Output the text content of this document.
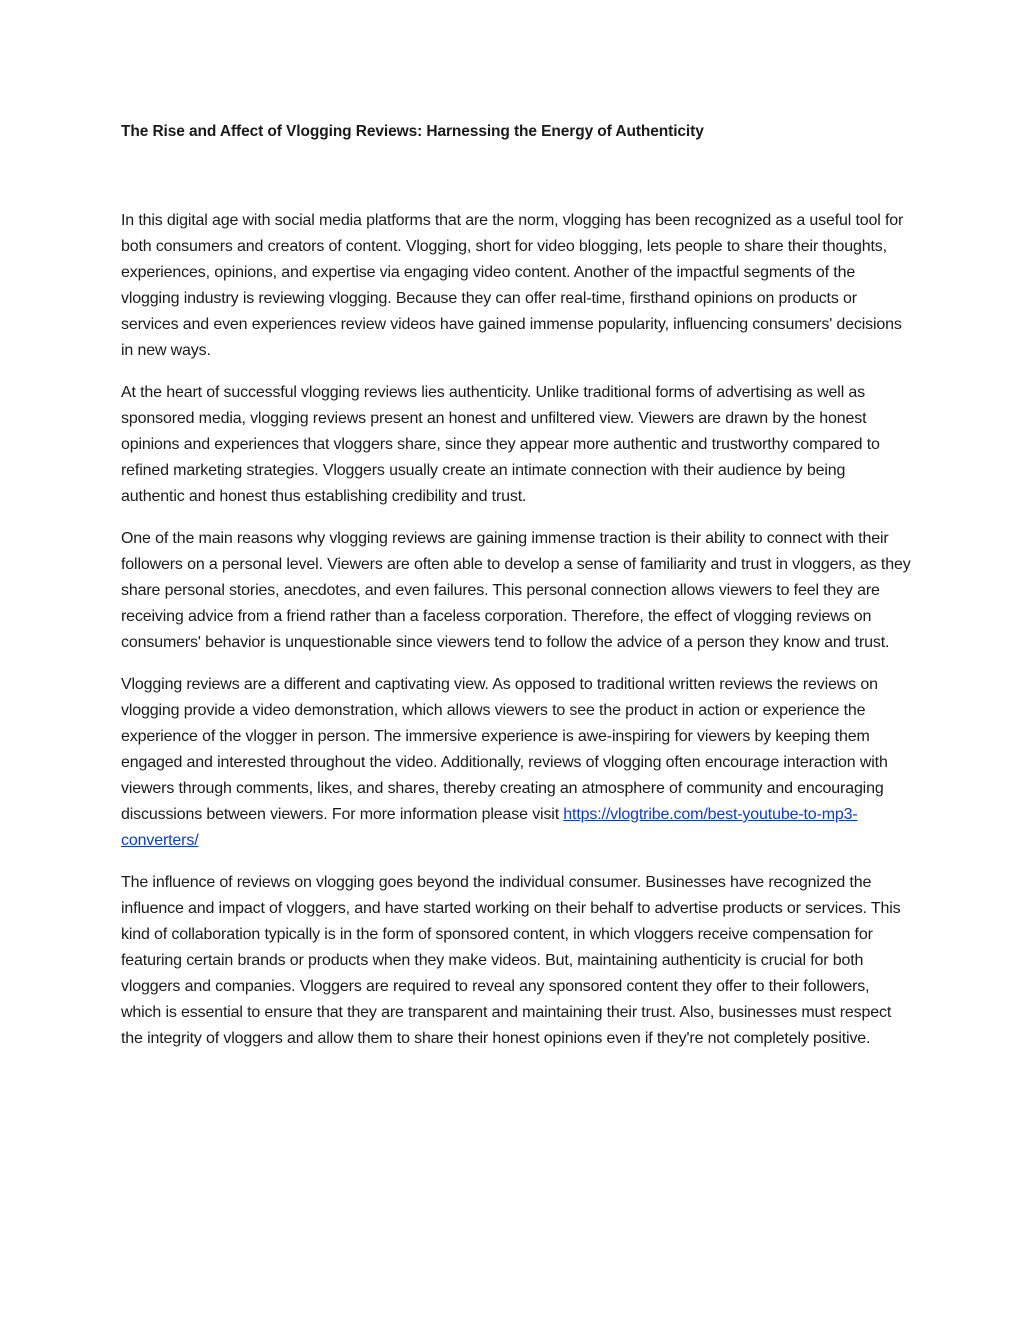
The Rise and Affect of Vlogging Reviews: Harnessing the Energy of Authenticity

In this digital age with social media platforms that are the norm, vlogging has been recognized as a useful tool for both consumers and creators of content. Vlogging, short for video blogging, lets people to share their thoughts, experiences, opinions, and expertise via engaging video content. Another of the impactful segments of the vlogging industry is reviewing vlogging. Because they can offer real-time, firsthand opinions on products or services and even experiences review videos have gained immense popularity, influencing consumers' decisions in new ways.

At the heart of successful vlogging reviews lies authenticity. Unlike traditional forms of advertising as well as sponsored media, vlogging reviews present an honest and unfiltered view. Viewers are drawn by the honest opinions and experiences that vloggers share, since they appear more authentic and trustworthy compared to refined marketing strategies. Vloggers usually create an intimate connection with their audience by being authentic and honest thus establishing credibility and trust.

One of the main reasons why vlogging reviews are gaining immense traction is their ability to connect with their followers on a personal level. Viewers are often able to develop a sense of familiarity and trust in vloggers, as they share personal stories, anecdotes, and even failures. This personal connection allows viewers to feel they are receiving advice from a friend rather than a faceless corporation. Therefore, the effect of vlogging reviews on consumers' behavior is unquestionable since viewers tend to follow the advice of a person they know and trust.

Vlogging reviews are a different and captivating view. As opposed to traditional written reviews the reviews on vlogging provide a video demonstration, which allows viewers to see the product in action or experience the experience of the vlogger in person. The immersive experience is awe-inspiring for viewers by keeping them engaged and interested throughout the video. Additionally, reviews of vlogging often encourage interaction with viewers through comments, likes, and shares, thereby creating an atmosphere of community and encouraging discussions between viewers. For more information please visit https://vlogtribe.com/best-youtube-to-mp3-converters/

The influence of reviews on vlogging goes beyond the individual consumer. Businesses have recognized the influence and impact of vloggers, and have started working on their behalf to advertise products or services. This kind of collaboration typically is in the form of sponsored content, in which vloggers receive compensation for featuring certain brands or products when they make videos. But, maintaining authenticity is crucial for both vloggers and companies. Vloggers are required to reveal any sponsored content they offer to their followers, which is essential to ensure that they are transparent and maintaining their trust. Also, businesses must respect the integrity of vloggers and allow them to share their honest opinions even if they're not completely positive.
